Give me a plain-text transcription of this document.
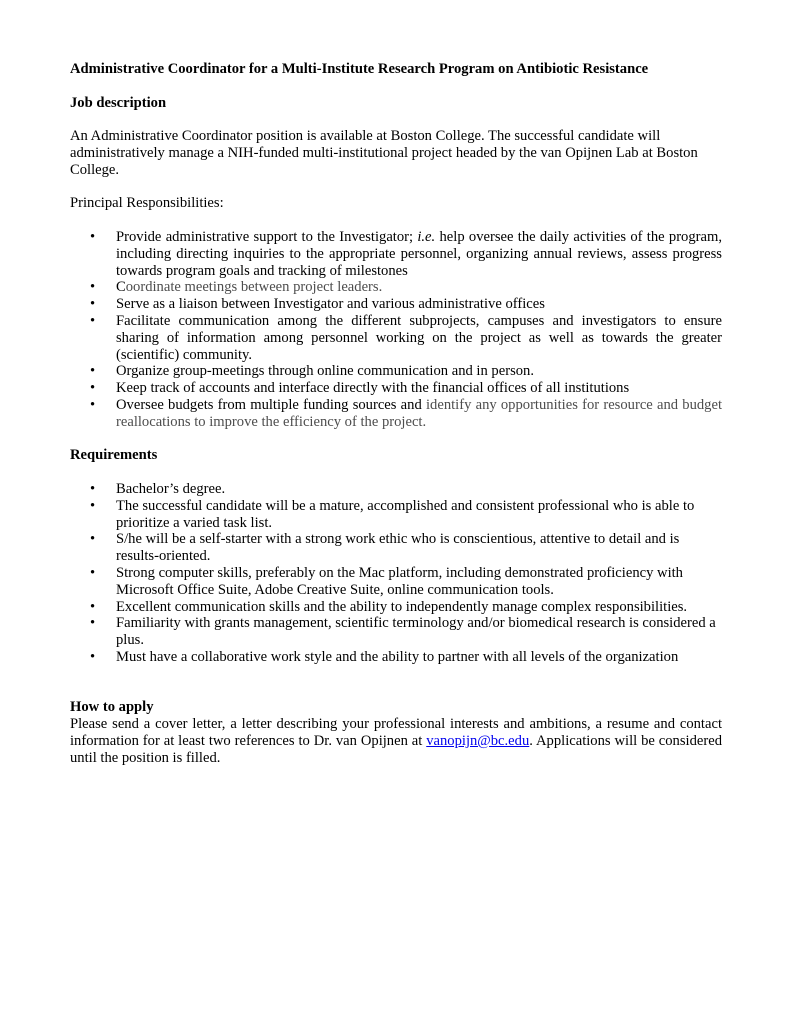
Administrative Coordinator for a Multi-Institute Research Program on Antibiotic Resistance

Job description

An Administrative Coordinator position is available at Boston College. The successful candidate will administratively manage a NIH-funded multi-institutional project headed by the van Opijnen Lab at Boston College.

Principal Responsibilities:

• Provide administrative support to the Investigator; i.e. help oversee the daily activities of the program, including directing inquiries to the appropriate personnel, organizing annual reviews, assess progress towards program goals and tracking of milestones
• Coordinate meetings between project leaders.
• Serve as a liaison between Investigator and various administrative offices
• Facilitate communication among the different subprojects, campuses and investigators to ensure sharing of information among personnel working on the project as well as towards the greater (scientific) community.
• Organize group-meetings through online communication and in person.
• Keep track of accounts and interface directly with the financial offices of all institutions
• Oversee budgets from multiple funding sources and identify any opportunities for resource and budget reallocations to improve the efficiency of the project.

Requirements

• Bachelor’s degree.
• The successful candidate will be a mature, accomplished and consistent professional who is able to prioritize a varied task list.
• S/he will be a self-starter with a strong work ethic who is conscientious, attentive to detail and is results-oriented.
• Strong computer skills, preferably on the Mac platform, including demonstrated proficiency with Microsoft Office Suite, Adobe Creative Suite, online communication tools.
• Excellent communication skills and the ability to independently manage complex responsibilities.
• Familiarity with grants management, scientific terminology and/or biomedical research is considered a plus.
• Must have a collaborative work style and the ability to partner with all levels of the organization

How to apply

Please send a cover letter, a letter describing your professional interests and ambitions, a resume and contact information for at least two references to Dr. van Opijnen at vanopijn@bc.edu. Applications will be considered until the position is filled.
